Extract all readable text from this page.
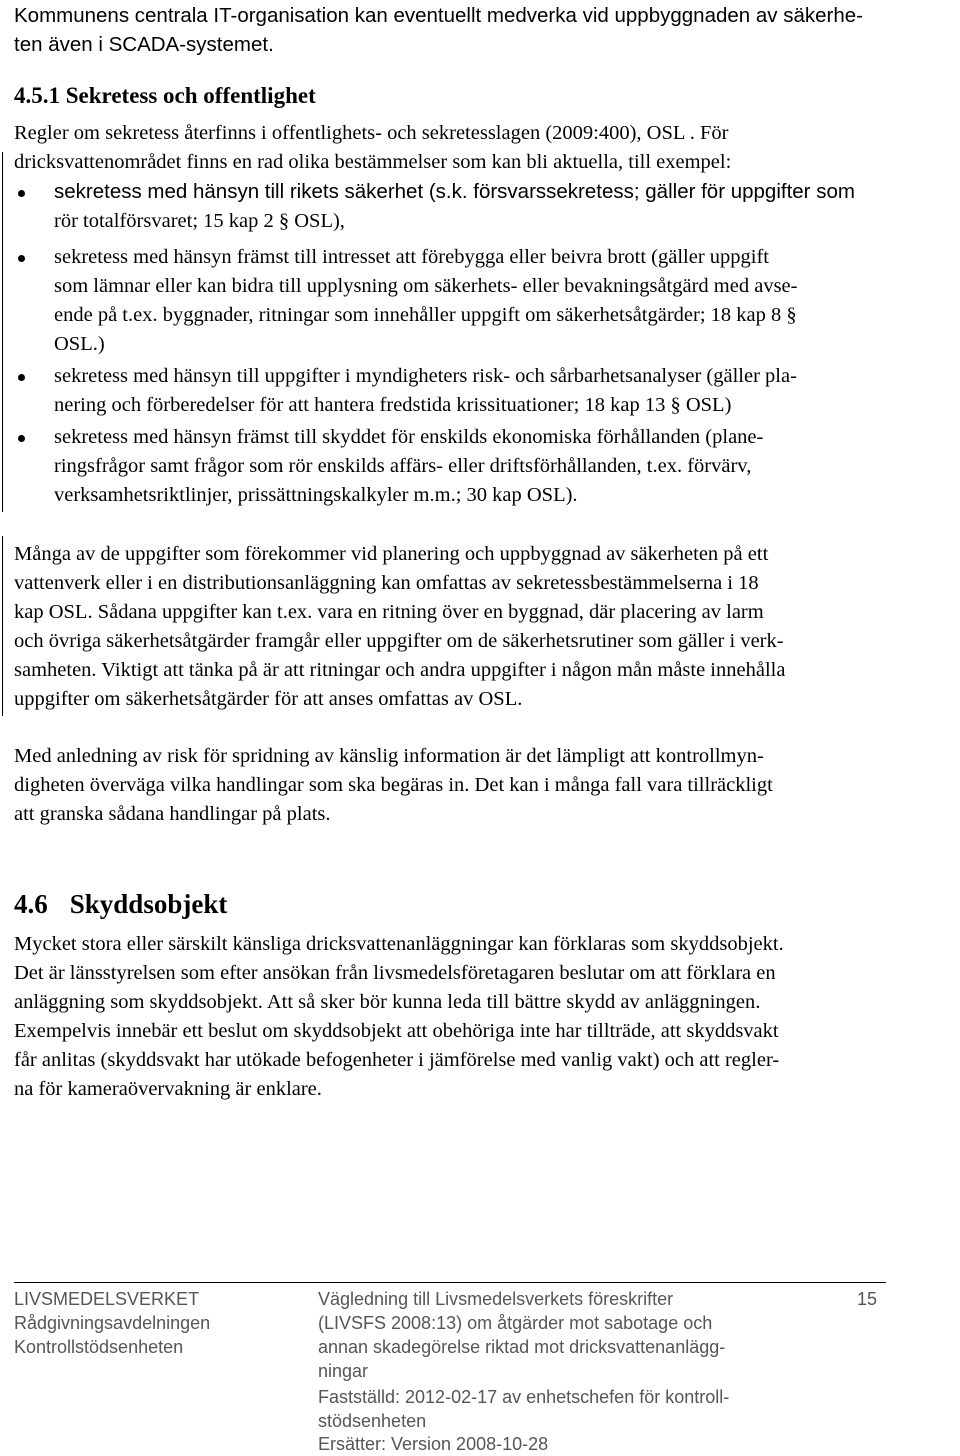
Kommunens centrala IT-organisation kan eventuellt medverka vid uppbyggnaden av säkerhe-
ten även i SCADA-systemet.
4.5.1 Sekretess och offentlighet
Regler om sekretess återfinns i offentlighets- och sekretesslagen (2009:400), OSL . För
dricksvattenområdet finns en rad olika bestämmelser som kan bli aktuella, till exempel:
sekretess med hänsyn till rikets säkerhet (s.k. försvarssekretess; gäller för uppgifter som
rör totalförsvaret; 15 kap 2 § OSL),
sekretess med hänsyn främst till intresset att förebygga eller beivra brott (gäller uppgift
som lämnar eller kan bidra till upplysning om säkerhets- eller bevakningsåtgärd med avse-
ende på t.ex. byggnader, ritningar som innehåller uppgift om säkerhetsåtgärder; 18 kap 8 §
OSL.)
sekretess med hänsyn till uppgifter i myndigheters risk- och sårbarhetsanalyser (gäller pla-
nering och förberedelser för att hantera fredstida krissituationer; 18 kap 13 § OSL)
sekretess med hänsyn främst till skyddet för enskilds ekonomiska förhållanden (plane-
ringsfrågor samt frågor som rör enskilds affärs- eller driftsförhållanden, t.ex. förvärv,
verksamhetsriktlinjer, prissättningskalkyler m.m.; 30 kap OSL).
Många av de uppgifter som förekommer vid planering och uppbyggnad av säkerheten på ett
vattenverk eller i en distributionsanläggning kan omfattas av sekretessbestämmelserna i 18
kap OSL. Sådana uppgifter kan t.ex. vara en ritning över en byggnad, där placering av larm
och övriga säkerhetsåtgärder framgår eller uppgifter om de säkerhetsrutiner som gäller i verk-
samheten. Viktigt att tänka på är att ritningar och andra uppgifter i någon mån måste innehålla
uppgifter om säkerhetsåtgärder för att anses omfattas av OSL.
Med anledning av risk för spridning av känslig information är det lämpligt att kontrollmyn-
digheten överväga vilka handlingar som ska begäras in. Det kan i många fall vara tillräckligt
att granska sådana handlingar på plats.
4.6 Skyddsobjekt
Mycket stora eller särskilt känsliga dricksvattenanläggningar kan förklaras som skyddsobjekt.
Det är länsstyrelsen som efter ansökan från livsmedelsföretagaren beslutar om att förklara en
anläggning som skyddsobjekt. Att så sker bör kunna leda till bättre skydd av anläggningen.
Exempelvis innebär ett beslut om skyddsobjekt att obehöriga inte har tillträde, att skyddsvakt
får anlitas (skyddsvakt har utökade befogenheter i jämförelse med vanlig vakt) och att regler-
na för kameraövervakning är enklare.
LIVSMEDELSVERKET
Rådgivningsavdelningen
Kontrollstödsenheten
Vägledning till Livsmedelsverkets föreskrifter
(LIVSFS 2008:13) om åtgärder mot sabotage och
annan skadegörelse riktad mot dricksvattenanlägg-
ningar
Fastställd: 2012-02-17 av enhetschefen för kontroll-
stödsenheten
Ersätter: Version 2008-10-28
15
